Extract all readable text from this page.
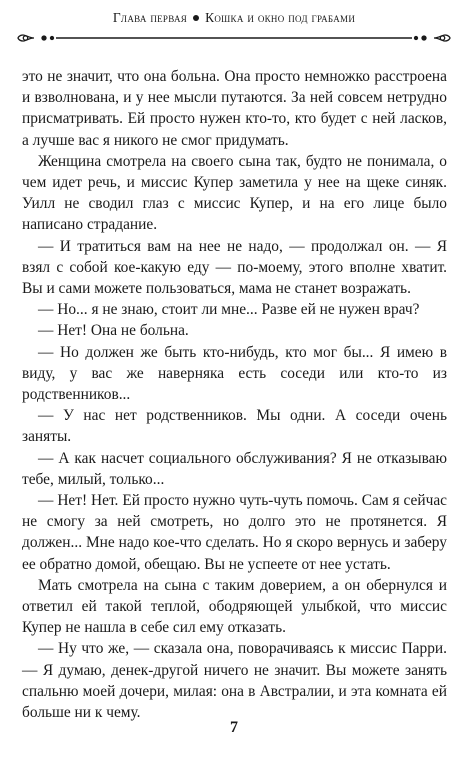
Глава первая Кошка и окно под грабами

это не значит, что она больна. Она просто немножко расстроена и взволнована, и у нее мысли путаются. За ней совсем нетрудно присматривать. Ей просто нужен кто-то, кто будет с ней ласков, а лучше вас я никого не смог придумать.

Женщина смотрела на своего сына так, будто не понимала, о чем идет речь, и миссис Купер заметила у нее на щеке синяк. Уилл не сводил глаз с миссис Купер, и на его лице было написано страдание.

— И тратиться вам на нее не надо, — продолжал он. — Я взял с собой кое-какую еду — по-моему, этого вполне хватит. Вы и сами можете пользоваться, мама не станет возражать.

— Но... я не знаю, стоит ли мне... Разве ей не нужен врач?

— Нет! Она не больна.

— Но должен же быть кто-нибудь, кто мог бы... Я имею в виду, у вас же наверняка есть соседи или кто-то из родственников...

— У нас нет родственников. Мы одни. А соседи очень заняты.

— А как насчет социального обслуживания? Я не отказываю тебе, милый, только...

— Нет! Нет. Ей просто нужно чуть-чуть помочь. Сам я сейчас не смогу за ней смотреть, но долго это не протянется. Я должен... Мне надо кое-что сделать. Но я скоро вернусь и заберу ее обратно домой, обещаю. Вы не успеете от нее устать.

Мать смотрела на сына с таким доверием, а он обернулся и ответил ей такой теплой, ободряющей улыбкой, что миссис Купер не нашла в себе сил ему отказать.

— Ну что же, — сказала она, поворачиваясь к миссис Парри. — Я думаю, денек-другой ничего не значит. Вы можете занять спальню моей дочери, милая: она в Австралии, и эта комната ей больше ни к чему.

7
